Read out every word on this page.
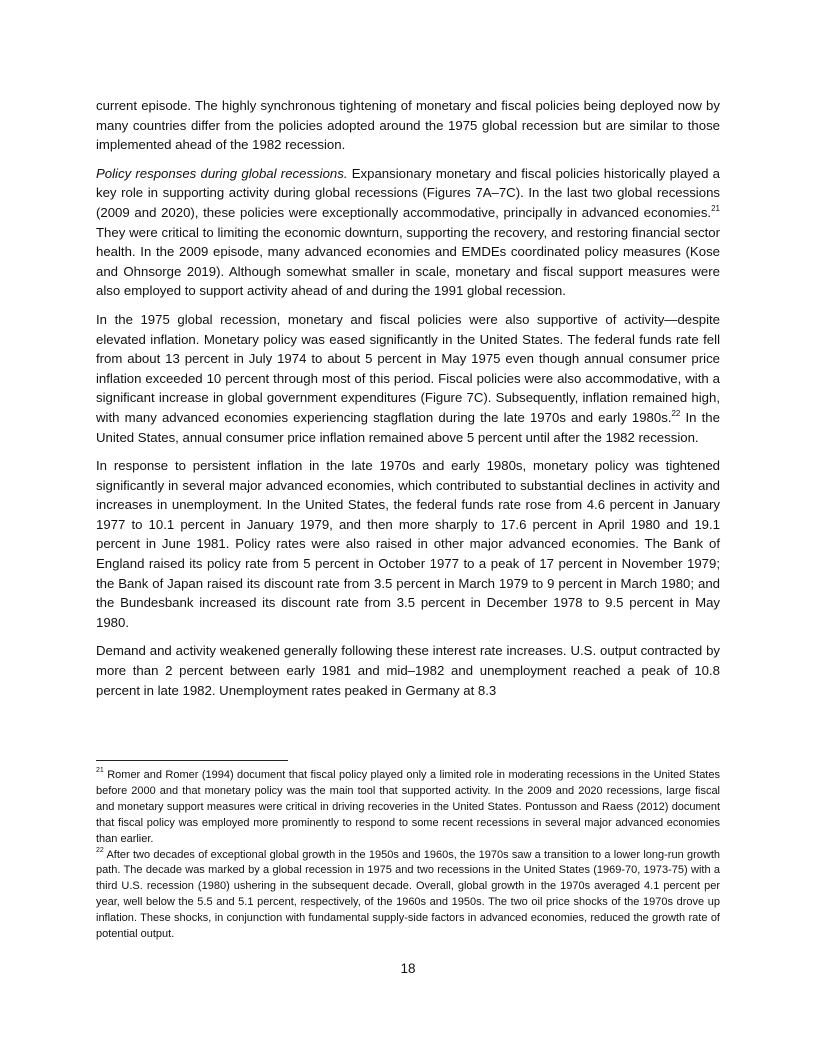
current episode. The highly synchronous tightening of monetary and fiscal policies being deployed now by many countries differ from the policies adopted around the 1975 global recession but are similar to those implemented ahead of the 1982 recession.

Policy responses during global recessions. Expansionary monetary and fiscal policies historically played a key role in supporting activity during global recessions (Figures 7A–7C). In the last two global recessions (2009 and 2020), these policies were exceptionally accommodative, principally in advanced economies.$^{21}$ They were critical to limiting the economic downturn, supporting the recovery, and restoring financial sector health. In the 2009 episode, many advanced economies and EMDEs coordinated policy measures (Kose and Ohnsorge 2019). Although somewhat smaller in scale, monetary and fiscal support measures were also employed to support activity ahead of and during the 1991 global recession.

In the 1975 global recession, monetary and fiscal policies were also supportive of activity—despite elevated inflation. Monetary policy was eased significantly in the United States. The federal funds rate fell from about 13 percent in July 1974 to about 5 percent in May 1975 even though annual consumer price inflation exceeded 10 percent through most of this period. Fiscal policies were also accommodative, with a significant increase in global government expenditures (Figure 7C). Subsequently, inflation remained high, with many advanced economies experiencing stagflation during the late 1970s and early 1980s.$^{22}$ In the United States, annual consumer price inflation remained above 5 percent until after the 1982 recession.

In response to persistent inflation in the late 1970s and early 1980s, monetary policy was tightened significantly in several major advanced economies, which contributed to substantial declines in activity and increases in unemployment. In the United States, the federal funds rate rose from 4.6 percent in January 1977 to 10.1 percent in January 1979, and then more sharply to 17.6 percent in April 1980 and 19.1 percent in June 1981. Policy rates were also raised in other major advanced economies. The Bank of England raised its policy rate from 5 percent in October 1977 to a peak of 17 percent in November 1979; the Bank of Japan raised its discount rate from 3.5 percent in March 1979 to 9 percent in March 1980; and the Bundesbank increased its discount rate from 3.5 percent in December 1978 to 9.5 percent in May 1980.

Demand and activity weakened generally following these interest rate increases. U.S. output contracted by more than 2 percent between early 1981 and mid–1982 and unemployment reached a peak of 10.8 percent in late 1982. Unemployment rates peaked in Germany at 8.3

$^{21}$ Romer and Romer (1994) document that fiscal policy played only a limited role in moderating recessions in the United States before 2000 and that monetary policy was the main tool that supported activity. In the 2009 and 2020 recessions, large fiscal and monetary support measures were critical in driving recoveries in the United States. Pontusson and Raess (2012) document that fiscal policy was employed more prominently to respond to some recent recessions in several major advanced economies than earlier.

$^{22}$ After two decades of exceptional global growth in the 1950s and 1960s, the 1970s saw a transition to a lower long-run growth path. The decade was marked by a global recession in 1975 and two recessions in the United States (1969-70, 1973-75) with a third U.S. recession (1980) ushering in the subsequent decade. Overall, global growth in the 1970s averaged 4.1 percent per year, well below the 5.5 and 5.1 percent, respectively, of the 1960s and 1950s. The two oil price shocks of the 1970s drove up inflation. These shocks, in conjunction with fundamental supply-side factors in advanced economies, reduced the growth rate of potential output.

18
